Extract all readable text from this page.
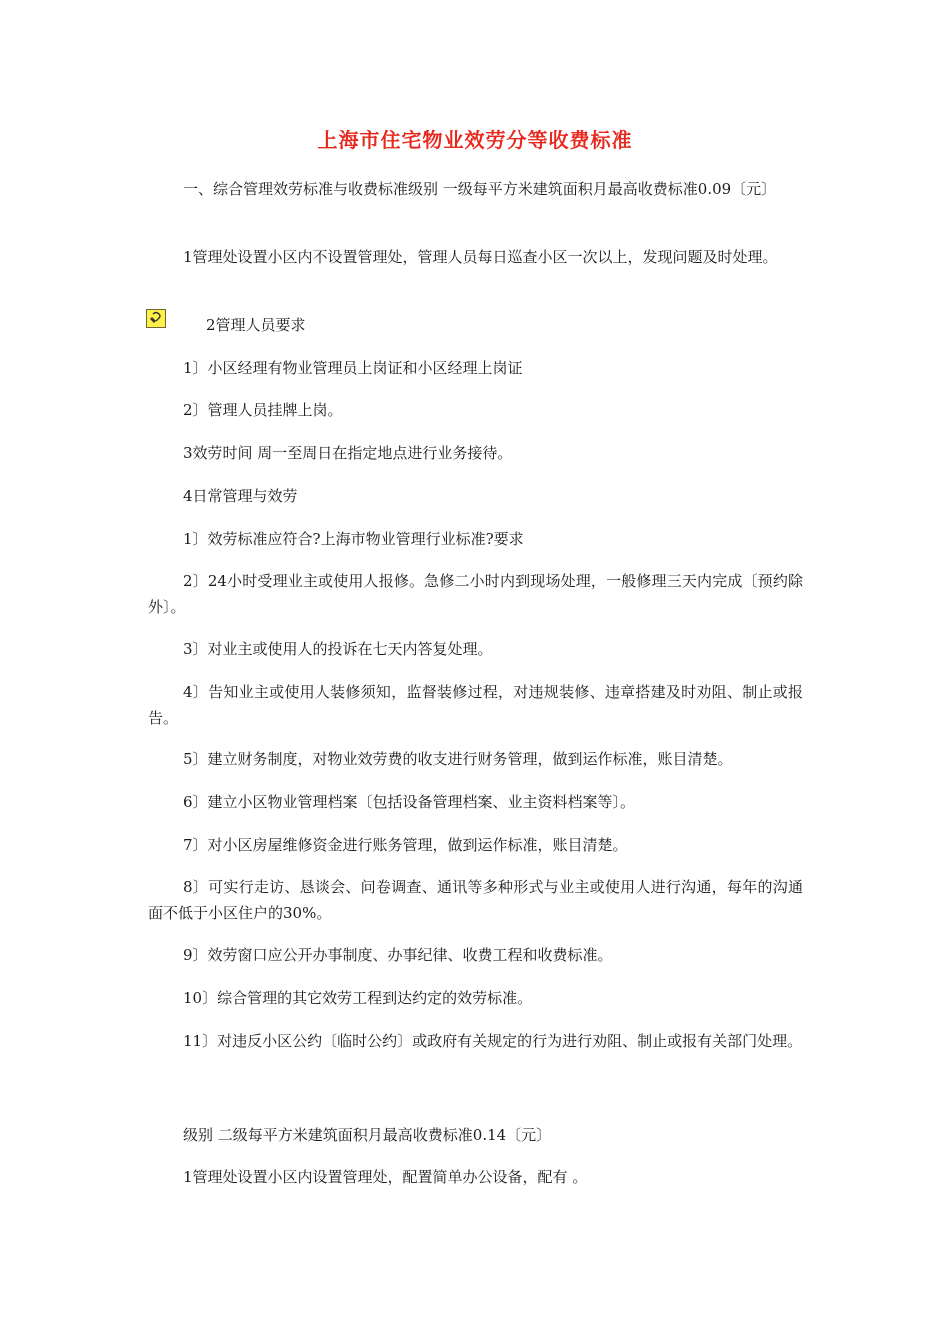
上海市住宅物业效劳分等收费标准
一、综合管理效劳标准与收费标准级别 一级每平方米建筑面积月最高收费标准0.09〔元〕
1管理处设置小区内不设置管理处，管理人员每日巡查小区一次以上，发现问题及时处理。
2管理人员要求
1〕小区经理有物业管理员上岗证和小区经理上岗证
2〕管理人员挂牌上岗。
3效劳时间 周一至周日在指定地点进行业务接待。
4日常管理与效劳
1〕效劳标准应符合?上海市物业管理行业标准?要求
2〕24小时受理业主或使用人报修。急修二小时内到现场处理，一般修理三天内完成〔预约除外〕。
3〕对业主或使用人的投诉在七天内答复处理。
4〕告知业主或使用人装修须知，监督装修过程，对违规装修、违章搭建及时劝阻、制止或报告。
5〕建立财务制度，对物业效劳费的收支进行财务管理，做到运作标准，账目清楚。
6〕建立小区物业管理档案〔包括设备管理档案、业主资料档案等〕。
7〕对小区房屋维修资金进行账务管理，做到运作标准，账目清楚。
8〕可实行走访、恳谈会、问卷调查、通讯等多种形式与业主或使用人进行沟通，每年的沟通面不低于小区住户的30%。
9〕效劳窗口应公开办事制度、办事纪律、收费工程和收费标准。
10〕综合管理的其它效劳工程到达约定的效劳标准。
11〕对违反小区公约〔临时公约〕或政府有关规定的行为进行劝阻、制止或报有关部门处理。
级别 二级每平方米建筑面积月最高收费标准0.14〔元〕
1管理处设置小区内设置管理处，配置简单办公设备，配有 。
